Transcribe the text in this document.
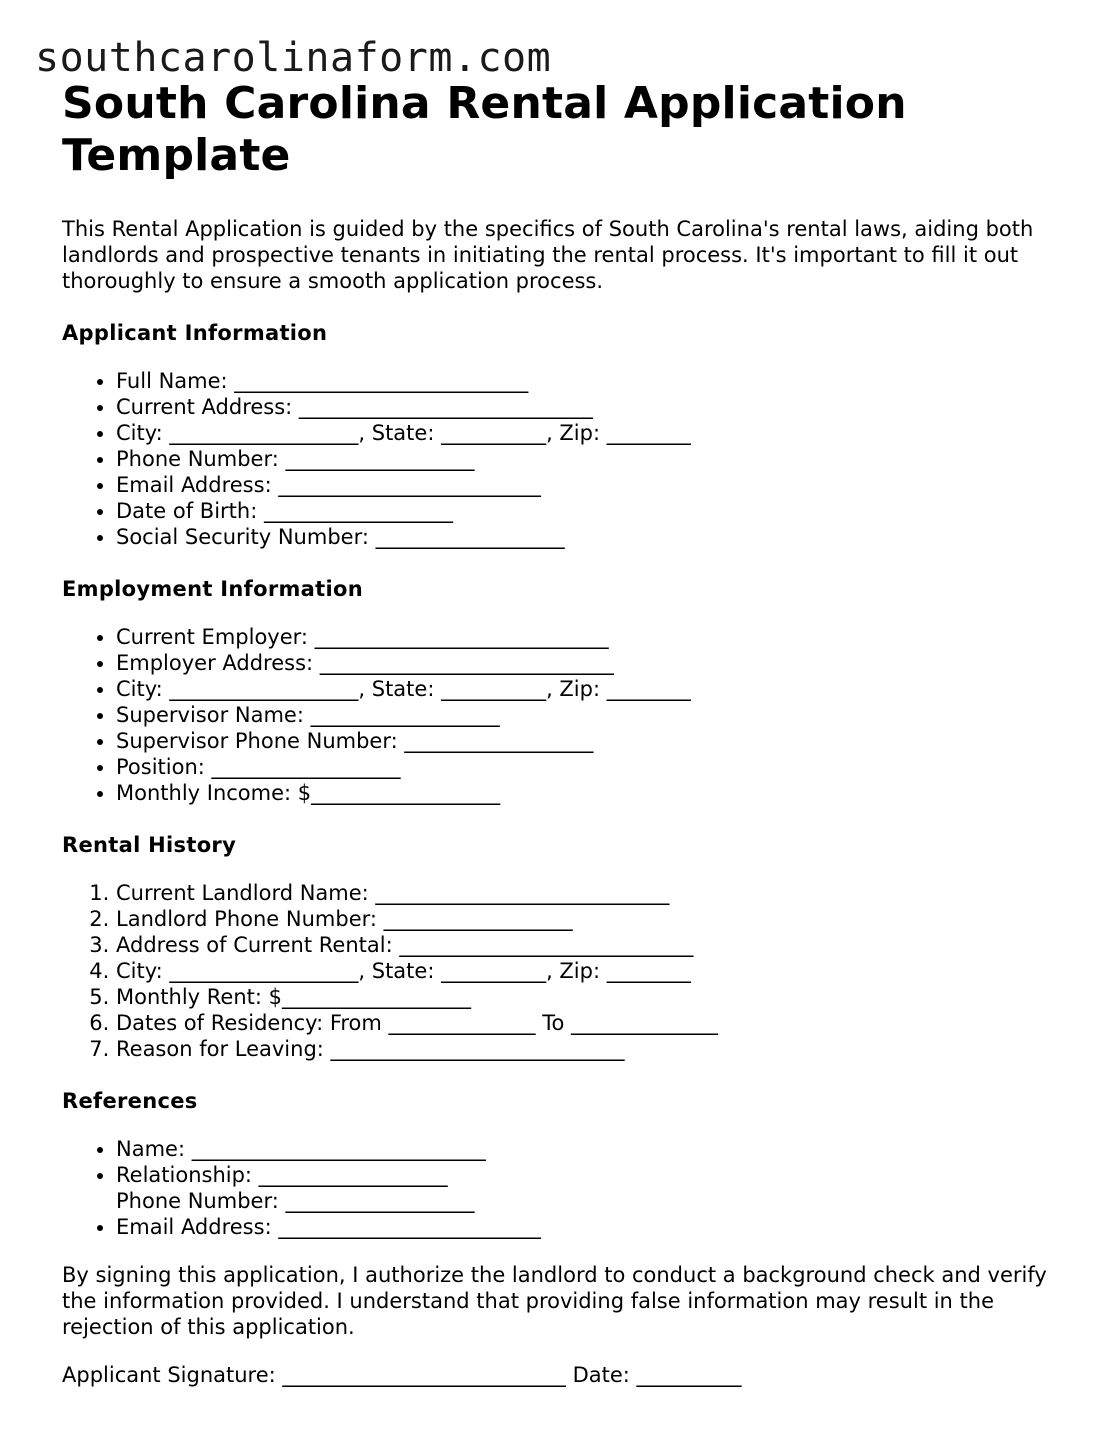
southcarolinaform.com
South Carolina Rental Application Template

This Rental Application is guided by the specifics of South Carolina's rental laws, aiding both landlords and prospective tenants in initiating the rental process. It's important to fill it out thoroughly to ensure a smooth application process.

Applicant Information
• Full Name: ____________________________
• Current Address: ____________________________
• City: __________________, State: __________, Zip: ________
• Phone Number: __________________
• Email Address: _________________________
• Date of Birth: __________________
• Social Security Number: __________________
Employment Information
• Current Employer: ____________________________
• Employer Address: ____________________________
• City: __________________, State: __________, Zip: ________
• Supervisor Name: __________________
• Supervisor Phone Number: __________________
• Position: __________________
• Monthly Income: $__________________
Rental History
1. Current Landlord Name: ____________________________
2. Landlord Phone Number: __________________
3. Address of Current Rental: ____________________________
4. City: __________________, State: __________, Zip: ________
5. Monthly Rent: $__________________
6. Dates of Residency: From ______________ To ______________
7. Reason for Leaving: ____________________________
References
• Name: ____________________________
• Relationship: __________________
Phone Number: __________________
• Email Address: _________________________

By signing this application, I authorize the landlord to conduct a background check and verify the information provided. I understand that providing false information may result in the rejection of this application.

Applicant Signature: ___________________________ Date: __________
